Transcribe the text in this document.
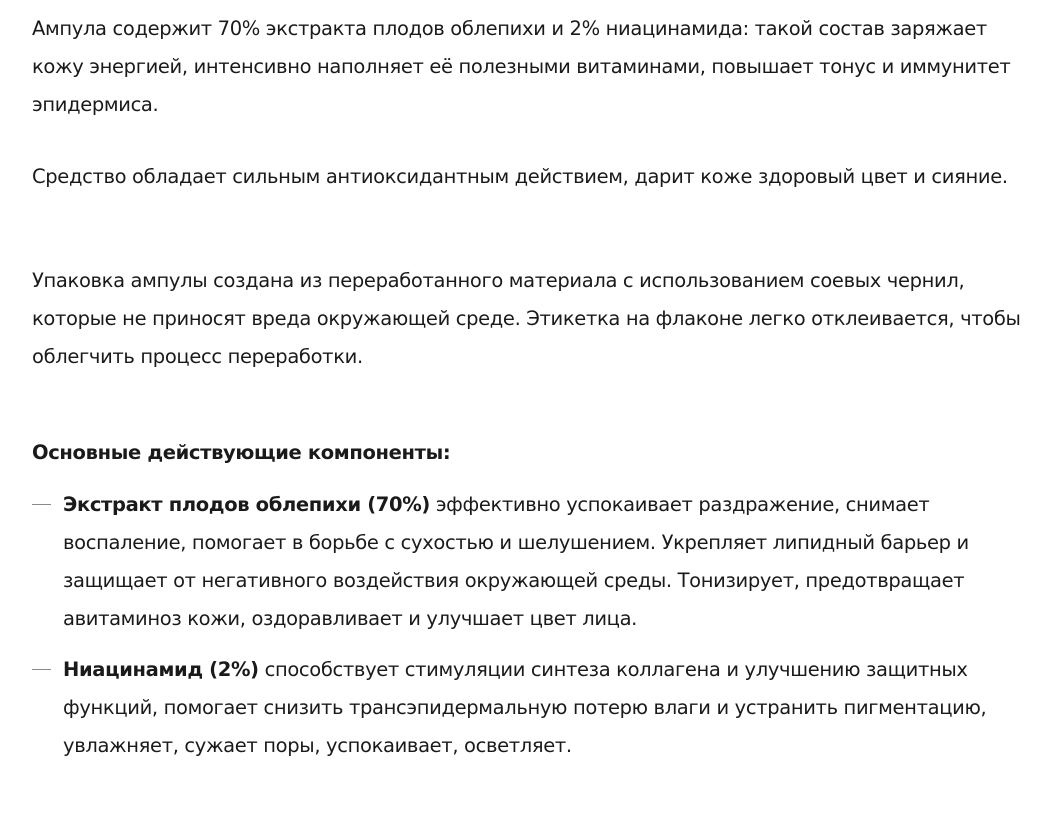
Ампула содержит 70% экстракта плодов облепихи и 2% ниацинамида: такой состав заряжает кожу энергией, интенсивно наполняет её полезными витаминами, повышает тонус и иммунитет эпидермиса.

Средство обладает сильным антиоксидантным действием, дарит коже здоровый цвет и сияние.

Упаковка ампулы создана из переработанного материала с использованием соевых чернил, которые не приносят вреда окружающей среде. Этикетка на флаконе легко отклеивается, чтобы облегчить процесс переработки.

Основные действующие компоненты:

Экстракт плодов облепихи (70%) эффективно успокаивает раздражение, снимает воспаление, помогает в борьбе с сухостью и шелушением. Укрепляет липидный барьер и защищает от негативного воздействия окружающей среды. Тонизирует, предотвращает авитаминоз кожи, оздоравливает и улучшает цвет лица.
Ниацинамид (2%) способствует стимуляции синтеза коллагена и улучшению защитных функций, помогает снизить трансэпидермальную потерю влаги и устранить пигментацию, увлажняет, сужает поры, успокаивает, осветляет.
